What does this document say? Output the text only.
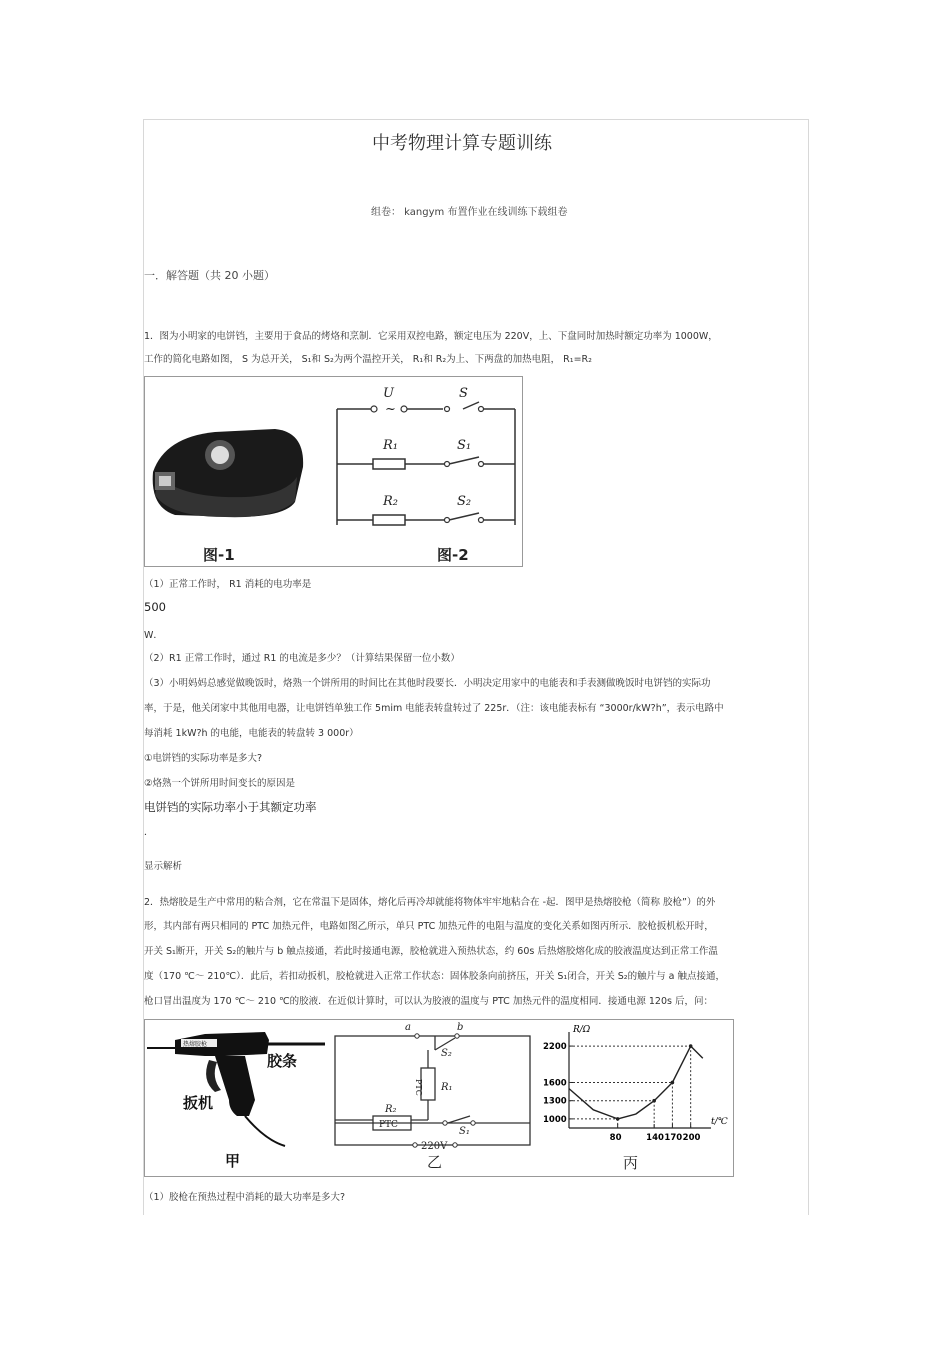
中考物理计算专题训练
组卷： kangym 布置作业在线训练下载组卷
一．解答题（共 20 小题）
1．图为小明家的电饼铛，主要用于食品的烤烙和烹制．它采用双控电路，额定电压为 220V，上、下盘同时加热时额定功率为 1000W，
工作的简化电路如图， S 为总开关， S₁和 S₂为两个温控开关， R₁和 R₂为上、下两盘的加热电阻， R₁=R₂
图-1
U
~
S
R₁	S₁
R₂	S₂
图-2
（1）正常工作时， R1 消耗的电功率是
500
W．
（2）R1 正常工作时，通过 R1 的电流是多少？（计算结果保留一位小数）
（3）小明妈妈总感觉做晚饭时，烙熟一个饼所用的时间比在其他时段要长．小明决定用家中的电能表和手表测做晚饭时电饼铛的实际功
率，于是，他关闭家中其他用电器，让电饼铛单独工作 5mim 电能表转盘转过了 225r．（注：该电能表标有 “3000r/kW?h”，表示电路中
每消耗 1kW?h 的电能，电能表的转盘转 3 000r）
①电饼铛的实际功率是多大?
②烙熟一个饼所用时间变长的原因是
电饼铛的实际功率小于其额定功率
．
显示解析
2．热熔胶是生产中常用的粘合剂，它在常温下是固体，熔化后再冷却就能将物体牢牢地粘合在 -起．图甲是热熔胶枪（简称 胶枪”）的外
形，其内部有两只相同的 PTC 加热元件，电路如图乙所示，单只 PTC 加热元件的电阻与温度的变化关系如图丙所示．胶枪扳机松开时，
开关 S₁断开，开关 S₂的触片与 b 触点接通，若此时接通电源，胶枪就进入预热状态，约 60s 后热熔胶熔化成的胶液温度达到正常工作温
度（170 ℃～ 210℃）．此后，若扣动扳机，胶枪就进入正常工作状态：固体胶条向前挤压，开关 S₁闭合，开关 S₂的触片与 a 触点接通，
枪口冒出温度为 170 ℃～ 210 ℃的胶液．在近似计算时，可以认为胶液的温度与 PTC 加热元件的温度相同．接通电源 120s 后，问：
热熔胶枪
胶条
扳机
甲
a	b
S₂
PTC R₁
R₂
PTC
S₁
220V
乙
R/Ω
t/℃
1000
1300
1600
2200
80	140 170 200
丙
（1）胶枪在预热过程中消耗的最大功率是多大?
